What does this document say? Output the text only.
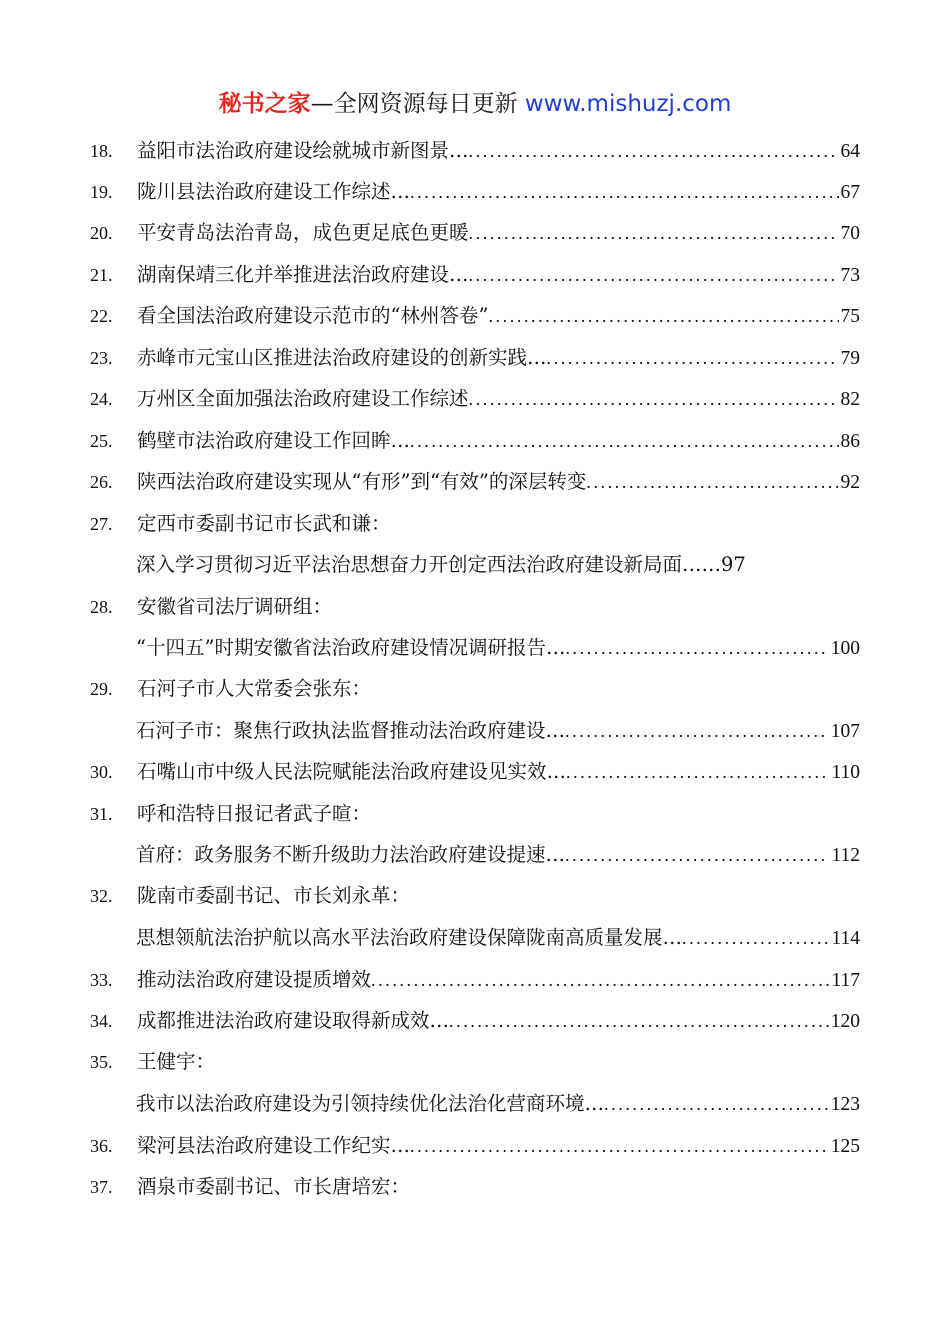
秘书之家—全网资源每日更新 www.mishuzj.com
18. 益阳市法治政府建设绘就城市新图景… .....	64
19. 陇川县法治政府建设工作综述… .....	67
20. 平安青岛法治青岛，成色更足底色更暖 .....	70
21. 湖南保靖三化并举推进法治政府建设… .....	73
22. 看全国法治政府建设示范市的“林州答卷” .....	75
23. 赤峰市元宝山区推进法治政府建设的创新实践… .....	79
24. 万州区全面加强法治政府建设工作综述 .....	82
25. 鹤壁市法治政府建设工作回眸… .....	86
26. 陕西法治政府建设实现从“有形”到“有效”的深层转变 .....	92
27. 定西市委副书记市长武和谦：
深入学习贯彻习近平法治思想奋力开创定西法治政府建设新局面……97
28. 安徽省司法厅调研组：
“十四五”时期安徽省法治政府建设情况调研报告… .....	100
29. 石河子市人大常委会张东：
石河子市：聚焦行政执法监督推动法治政府建设… .....	107
30. 石嘴山市中级人民法院赋能法治政府建设见实效… .....	110
31. 呼和浩特日报记者武子暄：
首府：政务服务不断升级助力法治政府建设提速… .....	112
32. 陇南市委副书记、市长刘永革：
思想领航法治护航以高水平法治政府建设保障陇南高质量发展… .....	114
33. 推动法治政府建设提质增效 .....	117
34. 成都推进法治政府建设取得新成效… .....	120
35. 王健宇：
我市以法治政府建设为引领持续优化法治化营商环境… .....	123
36. 梁河县法治政府建设工作纪实… .....	125
37. 酒泉市委副书记、市长唐培宏：
